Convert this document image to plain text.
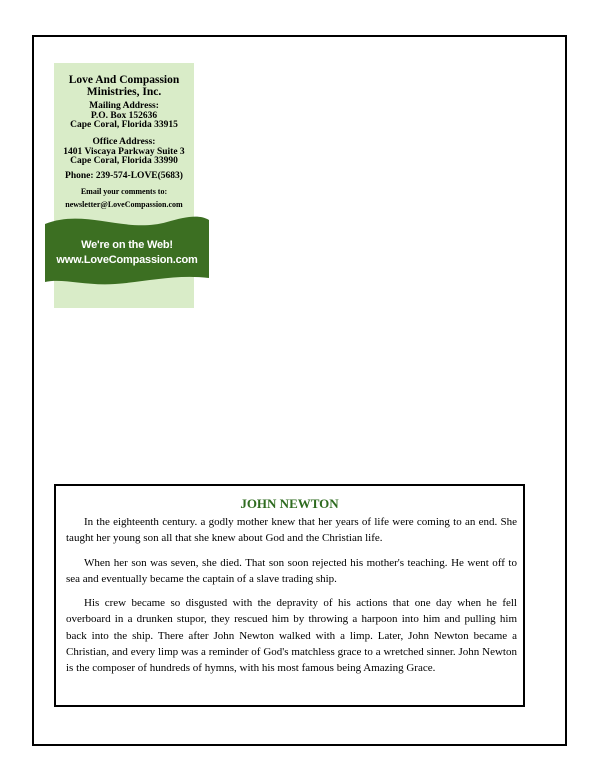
Love And Compassion
Ministries, Inc.
Mailing Address:
P.O. Box 152636
Cape Coral, Florida 33915
Office Address:
1401 Viscaya Parkway Suite 3
Cape Coral, Florida 33990
Phone: 239-574-LOVE(5683)
Email your comments to:
newsletter@LoveCompassion.com
We're on the Web!
www.LoveCompassion.com
JOHN NEWTON

In the eighteenth century. a godly mother knew that her years of life were coming to an end. She taught her young son all that she knew about God and the Christian life.

When her son was seven, she died. That son soon rejected his mother's teaching. He went off to sea and eventually became the captain of a slave trading ship.

His crew became so disgusted with the depravity of his actions that one day when he fell overboard in a drunken stupor, they rescued him by throwing a harpoon into him and pulling him back into the ship. There after John Newton walked with a limp. Later, John Newton became a Christian, and every limp was a reminder of God's matchless grace to a wretched sinner. John Newton is the composer of hundreds of hymns, with his most famous being Amazing Grace.
